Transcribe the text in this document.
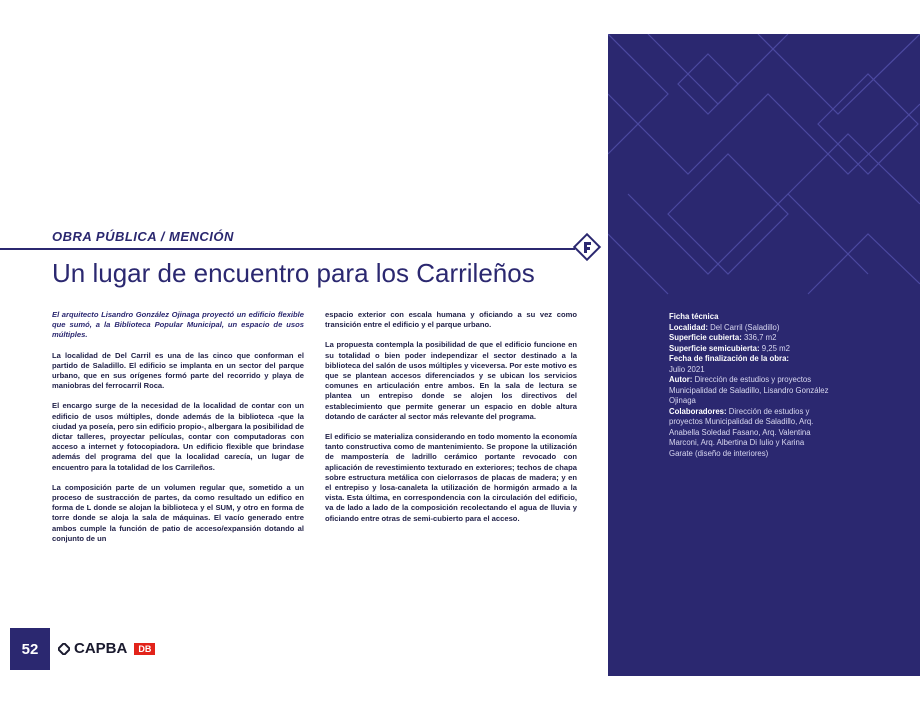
OBRA PÚBLICA / MENCIÓN
Un lugar de encuentro para los Carrileños

El arquitecto Lisandro González Ojinaga proyectó un edificio flexible que sumó, a la Biblioteca Popular Municipal, un espacio de usos múltiples.

La localidad de Del Carril es una de las cinco que conforman el partido de Saladillo. El edificio se implanta en un sector del parque urbano, que en sus orígenes formó parte del recorrido y playa de maniobras del ferrocarril Roca.

El encargo surge de la necesidad de la localidad de contar con un edificio de usos múltiples, donde además de la biblioteca -que la ciudad ya poseía, pero sin edificio propio-, albergara la posibilidad de dictar talleres, proyectar películas, contar con computadoras con acceso a internet y fotocopiadora. Un edificio flexible que brindase además del programa del que la localidad carecía, un lugar de encuentro para la totalidad de los Carrileños.

La composición parte de un volumen regular que, sometido a un proceso de sustracción de partes, da como resultado un edifico en forma de L donde se alojan la biblioteca y el SUM, y otro en forma de torre donde se aloja la sala de máquinas. El vacío generado entre ambos cumple la función de patio de acceso/expansión dotando al conjunto de un

espacio exterior con escala humana y oficiando a su vez como transición entre el edificio y el parque urbano.

La propuesta contempla la posibilidad de que el edificio funcione en su totalidad o bien poder independizar el sector destinado a la biblioteca del salón de usos múltiples y viceversa. Por este motivo es que se plantean accesos diferenciados y se ubican los servicios comunes en articulación entre ambos. En la sala de lectura se plantea un entrepiso donde se alojen los directivos del establecimiento que permite generar un espacio en doble altura dotando de carácter al sector más relevante del programa.

El edificio se materializa considerando en todo momento la economía tanto constructiva como de mantenimiento. Se propone la utilización de mampostería de ladrillo cerámico portante revocado con aplicación de revestimiento texturado en exteriores; techos de chapa sobre estructura metálica con cielorrasos de placas de madera; y en el entrepiso y losa-canaleta la utilización de hormigón armado a la vista. Esta última, en correspondencia con la circulación del edificio, va de lado a lado de la composición recolectando el agua de lluvia y oficiando entre otras de semi-cubierto para el acceso.

Ficha técnica
Localidad: Del Carril (Saladillo)
Superficie cubierta: 336,7 m2
Superficie semicubierta: 9,25 m2
Fecha de finalización de la obra:
Julio 2021
Autor: Dirección de estudios y proyectos Municipalidad de Saladillo, Lisandro González Ojinaga
Colaboradores: Dirección de estudios y proyectos Municipalidad de Saladillo, Arq. Anabella Soledad Fasano, Arq. Valentina Marconi, Arq. Albertina Di Iulio y Karina Garate (diseño de interiores)
52	CAPBA	DB
